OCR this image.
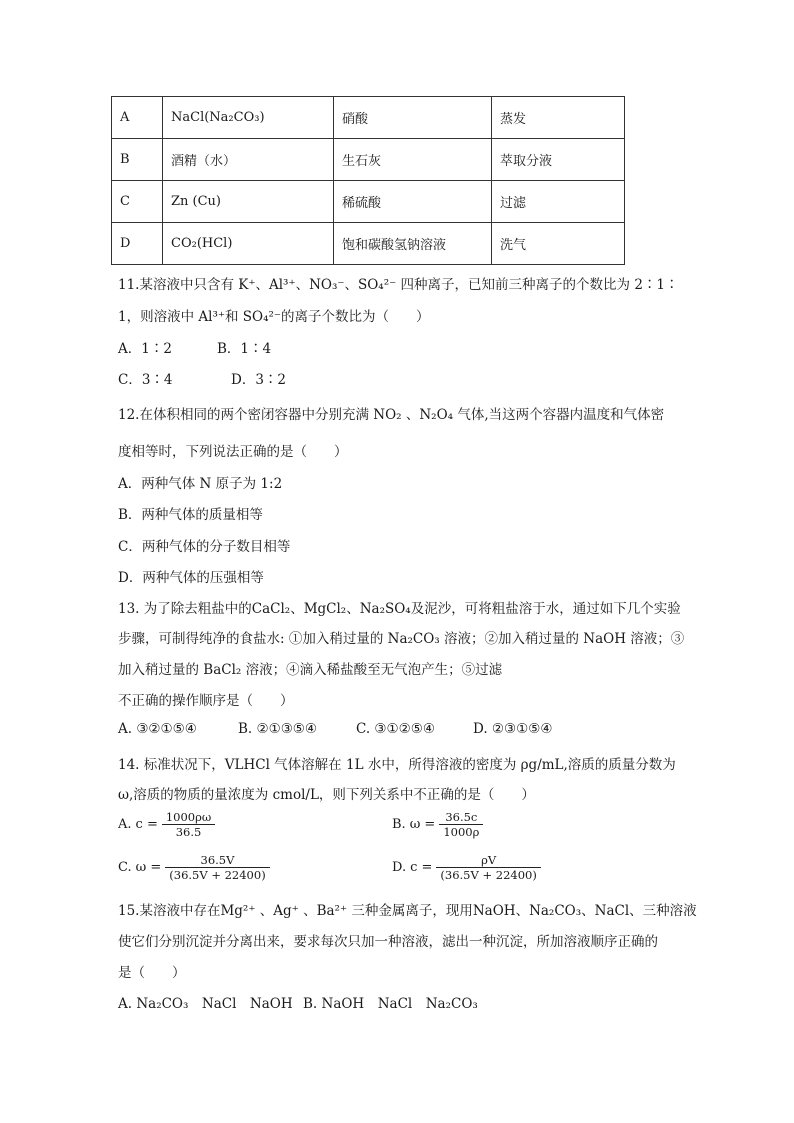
A	NaCl(Na₂CO₃)	硝酸	蒸发
B	酒精（水）	生石灰	萃取分液
C	Zn (Cu)	稀硫酸	过滤
D	CO₂(HCl)	饱和碳酸氢钠溶液	洗气
11.某溶液中只含有 K⁺、Al³⁺、NO₃⁻、SO₄²⁻ 四种离子，已知前三种离子的个数比为 2∶1∶
1，则溶液中 Al³⁺和 SO₄²⁻的离子个数比为（　　）
A．1∶2	B．1∶4
C．3∶4	D．3∶2
12.在体积相同的两个密闭容器中分别充满 NO₂ 、N₂O₄ 气体,当这两个容器内温度和气体密
度相等时，下列说法正确的是（　　）
A．两种气体 N 原子为 1:2
B．两种气体的质量相等
C．两种气体的分子数目相等
D．两种气体的压强相等
13. 为了除去粗盐中的CaCl₂、MgCl₂、Na₂SO₄及泥沙，可将粗盐溶于水，通过如下几个实验
步骤，可制得纯净的食盐水: ①加入稍过量的 Na₂CO₃ 溶液；②加入稍过量的 NaOH 溶液；③
加入稍过量的 BaCl₂ 溶液；④滴入稀盐酸至无气泡产生；⑤过滤
不正确的操作顺序是（　　）
A. ③②①⑤④	B. ②①③⑤④	C. ③①②⑤④	D. ②③①⑤④
14. 标准状况下，VLHCl 气体溶解在 1L 水中，所得溶液的密度为 ρg/mL,溶质的质量分数为
ω,溶质的物质的量浓度为 cmol/L，则下列关系中不正确的是（　　）
A. $c = \frac{1000\rho\omega}{36.5}$	B. $\omega = \frac{36.5c}{1000\rho}$
C. $\omega = \frac{36.5V}{(36.5V + 22400)}$	D. $c = \frac{\rho V}{(36.5V + 22400)}$
15.某溶液中存在Mg²⁺ 、Ag⁺ 、Ba²⁺ 三种金属离子，现用NaOH、Na₂CO₃、NaCl、三种溶液
使它们分别沉淀并分离出来，要求每次只加一种溶液，滤出一种沉淀，所加溶液顺序正确的
是（　　）
A. Na₂CO₃　NaCl　NaOH B. NaOH　NaCl　Na₂CO₃
